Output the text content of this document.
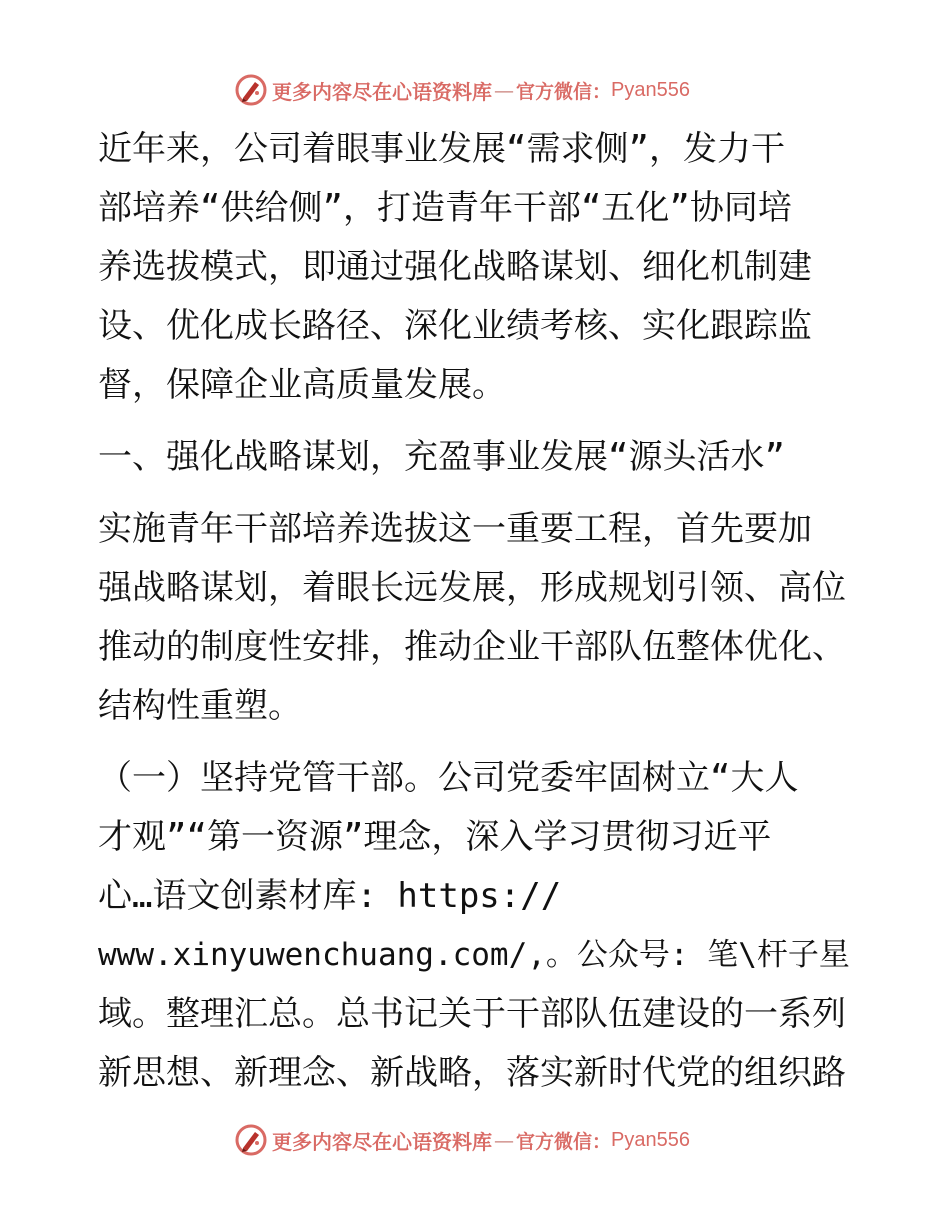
更多内容尽在心语资料库 — 官方微信： Pyan556
近年来，公司着眼事业发展“需求侧”，发力干
部培养“供给侧”，打造青年干部“五化”协同培
养选拔模式，即通过强化战略谋划、细化机制建
设、优化成长路径、深化业绩考核、实化跟踪监
督，保障企业高质量发展。
一、强化战略谋划，充盈事业发展“源头活水”
实施青年干部培养选拔这一重要工程，首先要加
强战略谋划，着眼长远发展，形成规划引领、高位
推动的制度性安排，推动企业干部队伍整体优化、
结构性重塑。
（一）坚持党管干部。公司党委牢固树立“大人
才观”“第一资源”理念，深入学习贯彻习近平
心…语文创素材库: https://
www.xinyuwenchuang.com/,。公众号: 笔\杆子星
域。整理汇总。总书记关于干部队伍建设的一系列
新思想、新理念、新战略，落实新时代党的组织路
更多内容尽在心语资料库 — 官方微信： Pyan556
